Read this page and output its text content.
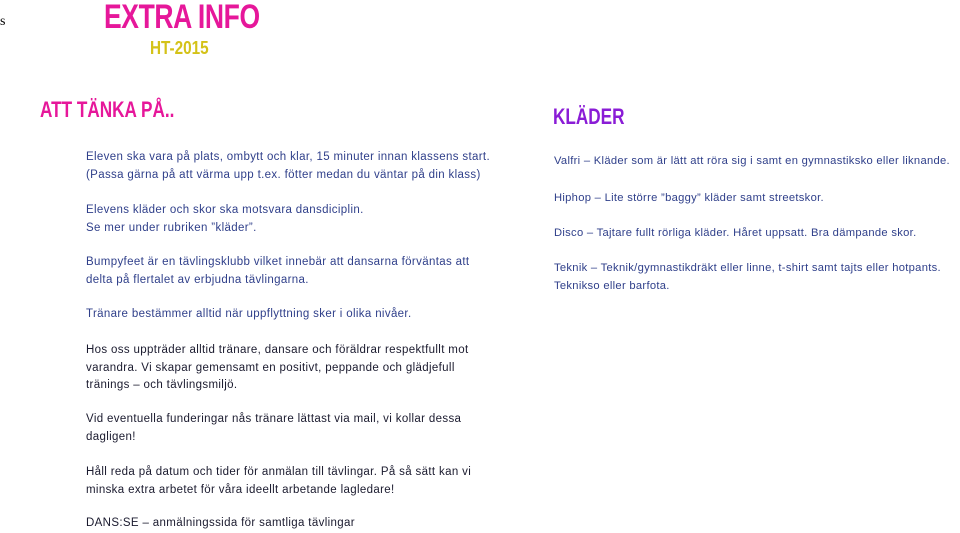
s	EXTRA INFO
HT-2015
ATT TÄNKA PÅ..	KLÄDER
Eleven ska vara på plats, ombytt och klar, 15 minuter innan klassens start.
(Passa gärna på att värma upp t.ex. fötter medan du väntar på din klass)
Elevens kläder och skor ska motsvara dansdiciplin.
Se mer under rubriken ”kläder”.
Bumpyfeet är en tävlingsklubb vilket innebär att dansarna förväntas att
delta på flertalet av erbjudna tävlingarna.
Tränare bestämmer alltid när uppflyttning sker i olika nivåer.
Hos oss uppträder alltid tränare, dansare och föräldrar respektfullt mot
varandra. Vi skapar gemensamt en positivt, peppande och glädjefull
tränings – och tävlingsmiljö.
Vid eventuella funderingar nås tränare lättast via mail, vi kollar dessa
dagligen!
Håll reda på datum och tider för anmälan till tävlingar. På så sätt kan vi
minska extra arbetet för våra ideellt arbetande lagledare!
DANS:SE – anmälningssida för samtliga tävlingar
Valfri – Kläder som är lätt att röra sig i samt en gymnastiksko eller liknande.
Hiphop – Lite större ”baggy” kläder samt streetskor.
Disco – Tajtare fullt rörliga kläder. Håret uppsatt. Bra dämpande skor.
Teknik – Teknik/gymnastikdräkt eller linne, t-shirt samt tajts eller hotpants.
Teknikso eller barfota.
